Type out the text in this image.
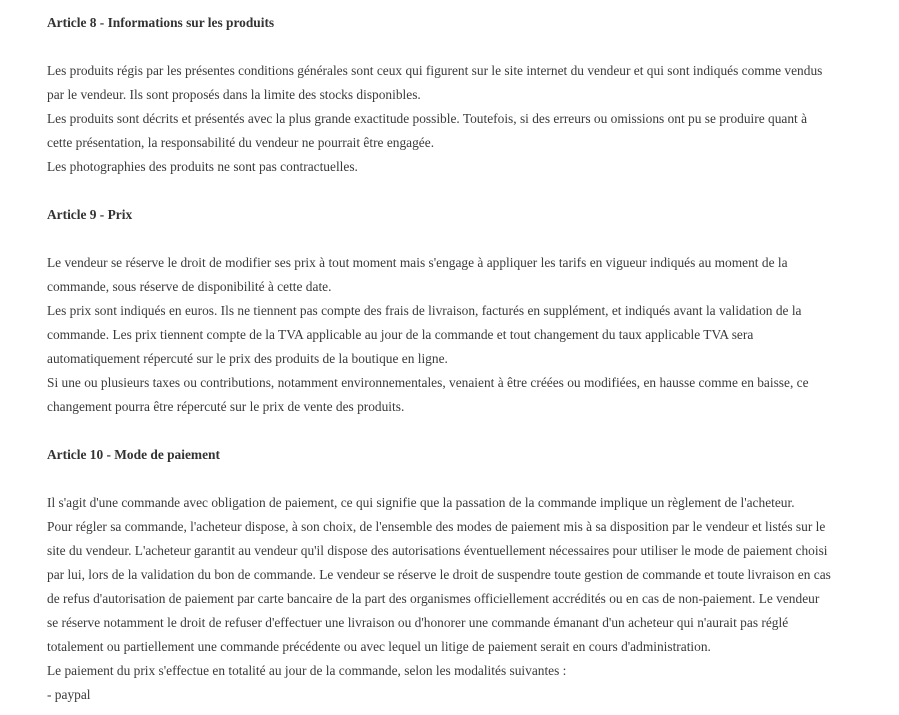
Article 8 - Informations sur les produits

Les produits régis par les présentes conditions générales sont ceux qui figurent sur le site internet du vendeur et qui sont indiqués comme vendus
par le vendeur. Ils sont proposés dans la limite des stocks disponibles.
Les produits sont décrits et présentés avec la plus grande exactitude possible. Toutefois, si des erreurs ou omissions ont pu se produire quant à
cette présentation, la responsabilité du vendeur ne pourrait être engagée.
Les photographies des produits ne sont pas contractuelles.

Article 9 - Prix

Le vendeur se réserve le droit de modifier ses prix à tout moment mais s'engage à appliquer les tarifs en vigueur indiqués au moment de la
commande, sous réserve de disponibilité à cette date.
Les prix sont indiqués en euros. Ils ne tiennent pas compte des frais de livraison, facturés en supplément, et indiqués avant la validation de la
commande. Les prix tiennent compte de la TVA applicable au jour de la commande et tout changement du taux applicable TVA sera
automatiquement répercuté sur le prix des produits de la boutique en ligne.
Si une ou plusieurs taxes ou contributions, notamment environnementales, venaient à être créées ou modifiées, en hausse comme en baisse, ce
changement pourra être répercuté sur le prix de vente des produits.

Article 10 - Mode de paiement

Il s'agit d'une commande avec obligation de paiement, ce qui signifie que la passation de la commande implique un règlement de l'acheteur.
Pour régler sa commande, l'acheteur dispose, à son choix, de l'ensemble des modes de paiement mis à sa disposition par le vendeur et listés sur le
site du vendeur. L'acheteur garantit au vendeur qu'il dispose des autorisations éventuellement nécessaires pour utiliser le mode de paiement choisi
par lui, lors de la validation du bon de commande. Le vendeur se réserve le droit de suspendre toute gestion de commande et toute livraison en cas
de refus d'autorisation de paiement par carte bancaire de la part des organismes officiellement accrédités ou en cas de non-paiement. Le vendeur
se réserve notamment le droit de refuser d'effectuer une livraison ou d'honorer une commande émanant d'un acheteur qui n'aurait pas réglé
totalement ou partiellement une commande précédente ou avec lequel un litige de paiement serait en cours d'administration.
Le paiement du prix s'effectue en totalité au jour de la commande, selon les modalités suivantes :
- paypal
